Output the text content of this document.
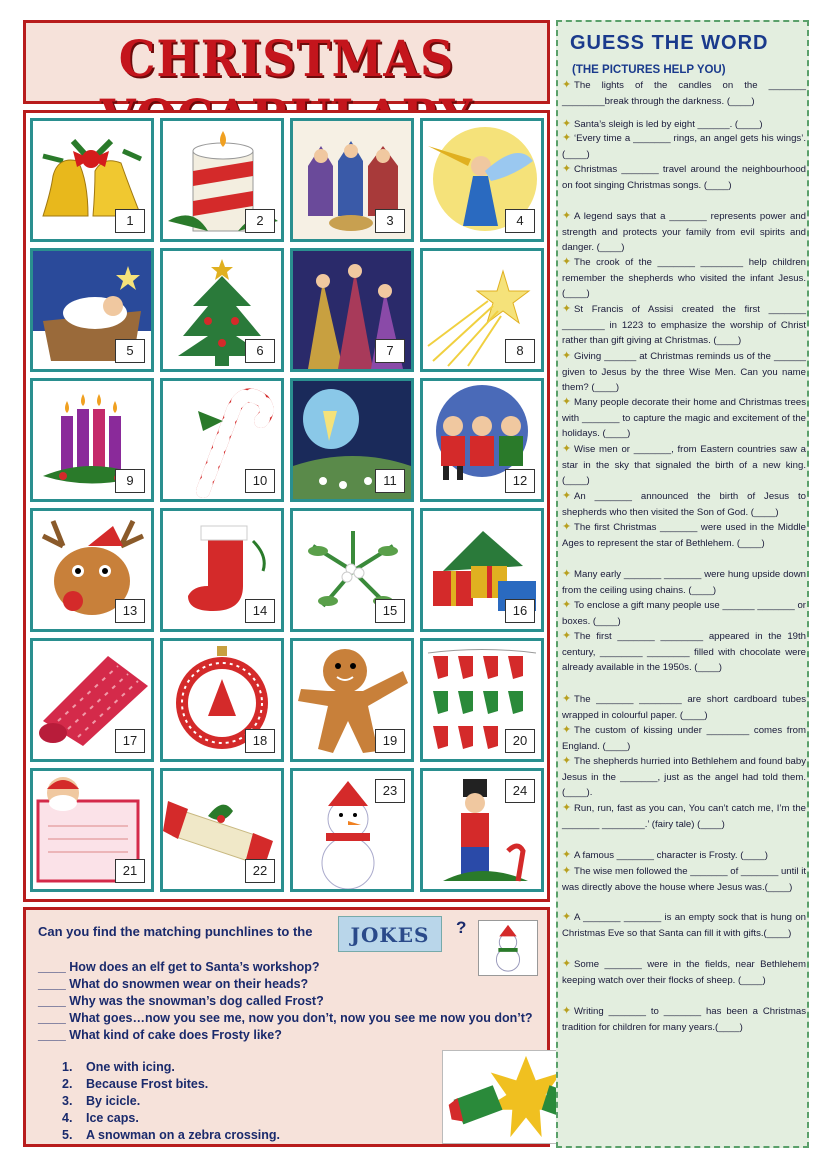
CHRISTMAS
1	2	3	4
5	6	7	8
9	10	11	12
13	14	15	16
17	18	19	20
21	22
23	24
Can you find the matching punchlines to the	JOKES	?
____ How does an elf get to Santa’s workshop?
____ What do snowmen wear on their heads?
____ Why was the snowman’s dog called Frost?
____ What goes…now you see me, now you don’t, now you see me now you don’t?
____ What kind of cake does Frosty like?
1. One with icing.
2. Because Frost bites.
3. By icicle.
4. Ice caps.
5. A snowman on a zebra crossing.
GUESS THE WORD
(THE PICTURES HELP YOU)
✦ The lights of the candles on the _______ ________break through the darkness. (____)
✦ Santa’s sleigh is led by eight ______. (____)
✦ ‘Every time a _______ rings, an angel gets his wings’. (____)
✦ Christmas _______ travel around the neighbourhood on foot singing Christmas songs. (____)
✦ A legend says that a _______ represents power and strength and protects your family from evil spirits and danger. (____)
✦ The crook of the _______ ________ help children remember the shepherds who visited the infant Jesus. (____)
✦ St Francis of Assisi created the first _______ ________ in 1223 to emphasize the worship of Christ rather than gift giving at Christmas. (____)
✦ Giving ______ at Christmas reminds us of the ______ given to Jesus by the three Wise Men. Can you name them? (____)
✦ Many people decorate their home and Christmas trees with _______ to capture the magic and excitement of the holidays. (____)
✦ Wise men or _______, from Eastern countries saw a star in the sky that signaled the birth of a new king. (____)
✦ An _______ announced the birth of Jesus to shepherds who then visited the Son of God. (____)
✦ The first Christmas _______ were used in the Middle Ages to represent the star of Bethlehem. (____)
✦ Many early _______ _______ were hung upside down from the ceiling using chains. (____)
✦ To enclose a gift many people use ______ _______ or boxes. (____)
✦ The first _______ ________ appeared in the 19th century, ________ ________ filled with chocolate were already available in the 1950s. (____)
✦ The _______ ________ are short cardboard tubes wrapped in colourful paper. (____)
✦ The custom of kissing under ________ comes from England. (____)
✦ The shepherds hurried into Bethlehem and found baby Jesus in the _______, just as the angel had told them. (____).
✦ Run, run, fast as you can, You can’t catch me, I’m the _______ ________.’ (fairy tale) (____)
✦ A famous _______ character is Frosty. (____)
✦ The wise men followed the _______ of _______ until it was directly above the house where Jesus was.(____)
✦ A _______ _______ is an empty sock that is hung on Christmas Eve so that Santa can fill it with gifts.(____)
✦ Some _______ were in the fields, near Bethlehem keeping watch over their flocks of sheep. (____)
✦ Writing _______ to _______ has been a Christmas tradition for children for many years.(____)
